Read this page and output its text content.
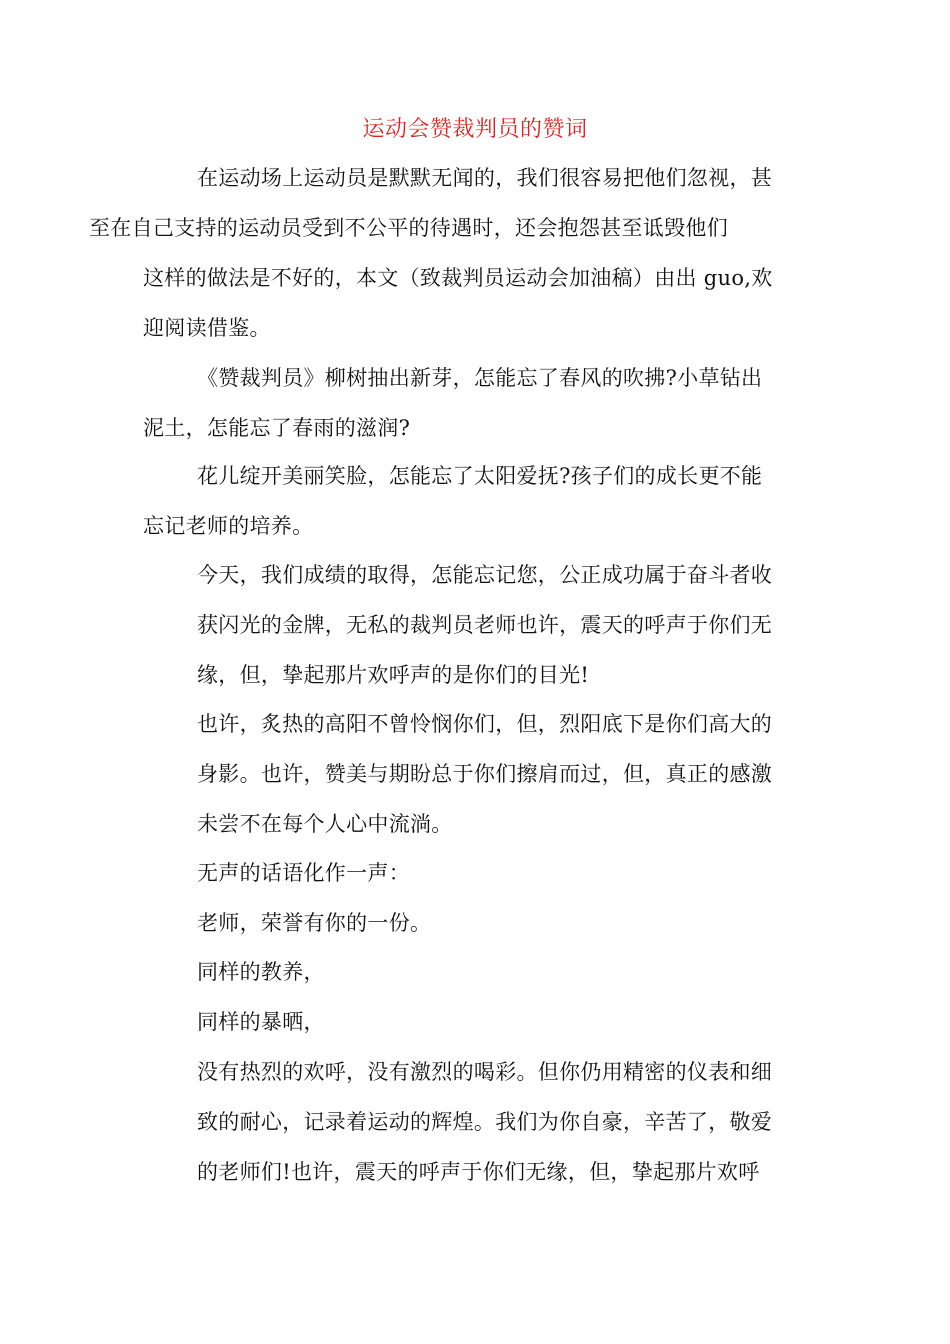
运动会赞裁判员的赞词

在运动场上运动员是默默无闻的，我们很容易把他们忽视，甚
至在自己支持的运动员受到不公平的待遇时，还会抱怨甚至诋毁他们
这样的做法是不好的，本文（致裁判员运动会加油稿）由出 guo,欢
迎阅读借鉴。

《赞裁判员》柳树抽出新芽，怎能忘了春风的吹拂?小草钻出
泥土，怎能忘了春雨的滋润?

花儿绽开美丽笑脸，怎能忘了太阳爱抚?孩子们的成长更不能
忘记老师的培养。

今天，我们成绩的取得，怎能忘记您，公正成功属于奋斗者收
获闪光的金牌，无私的裁判员老师也许，震天的呼声于你们无
缘，但，挚起那片欢呼声的是你们的目光!

也许，炙热的高阳不曾怜悯你们，但，烈阳底下是你们高大的
身影。也许，赞美与期盼总于你们擦肩而过，但，真正的感激
未尝不在每个人心中流淌。

无声的话语化作一声：

老师，荣誉有你的一份。

同样的教养，

同样的暴晒，

没有热烈的欢呼，没有激烈的喝彩。但你仍用精密的仪表和细
致的耐心，记录着运动的辉煌。我们为你自豪，辛苦了，敬爱
的老师们!也许，震天的呼声于你们无缘，但，挚起那片欢呼
